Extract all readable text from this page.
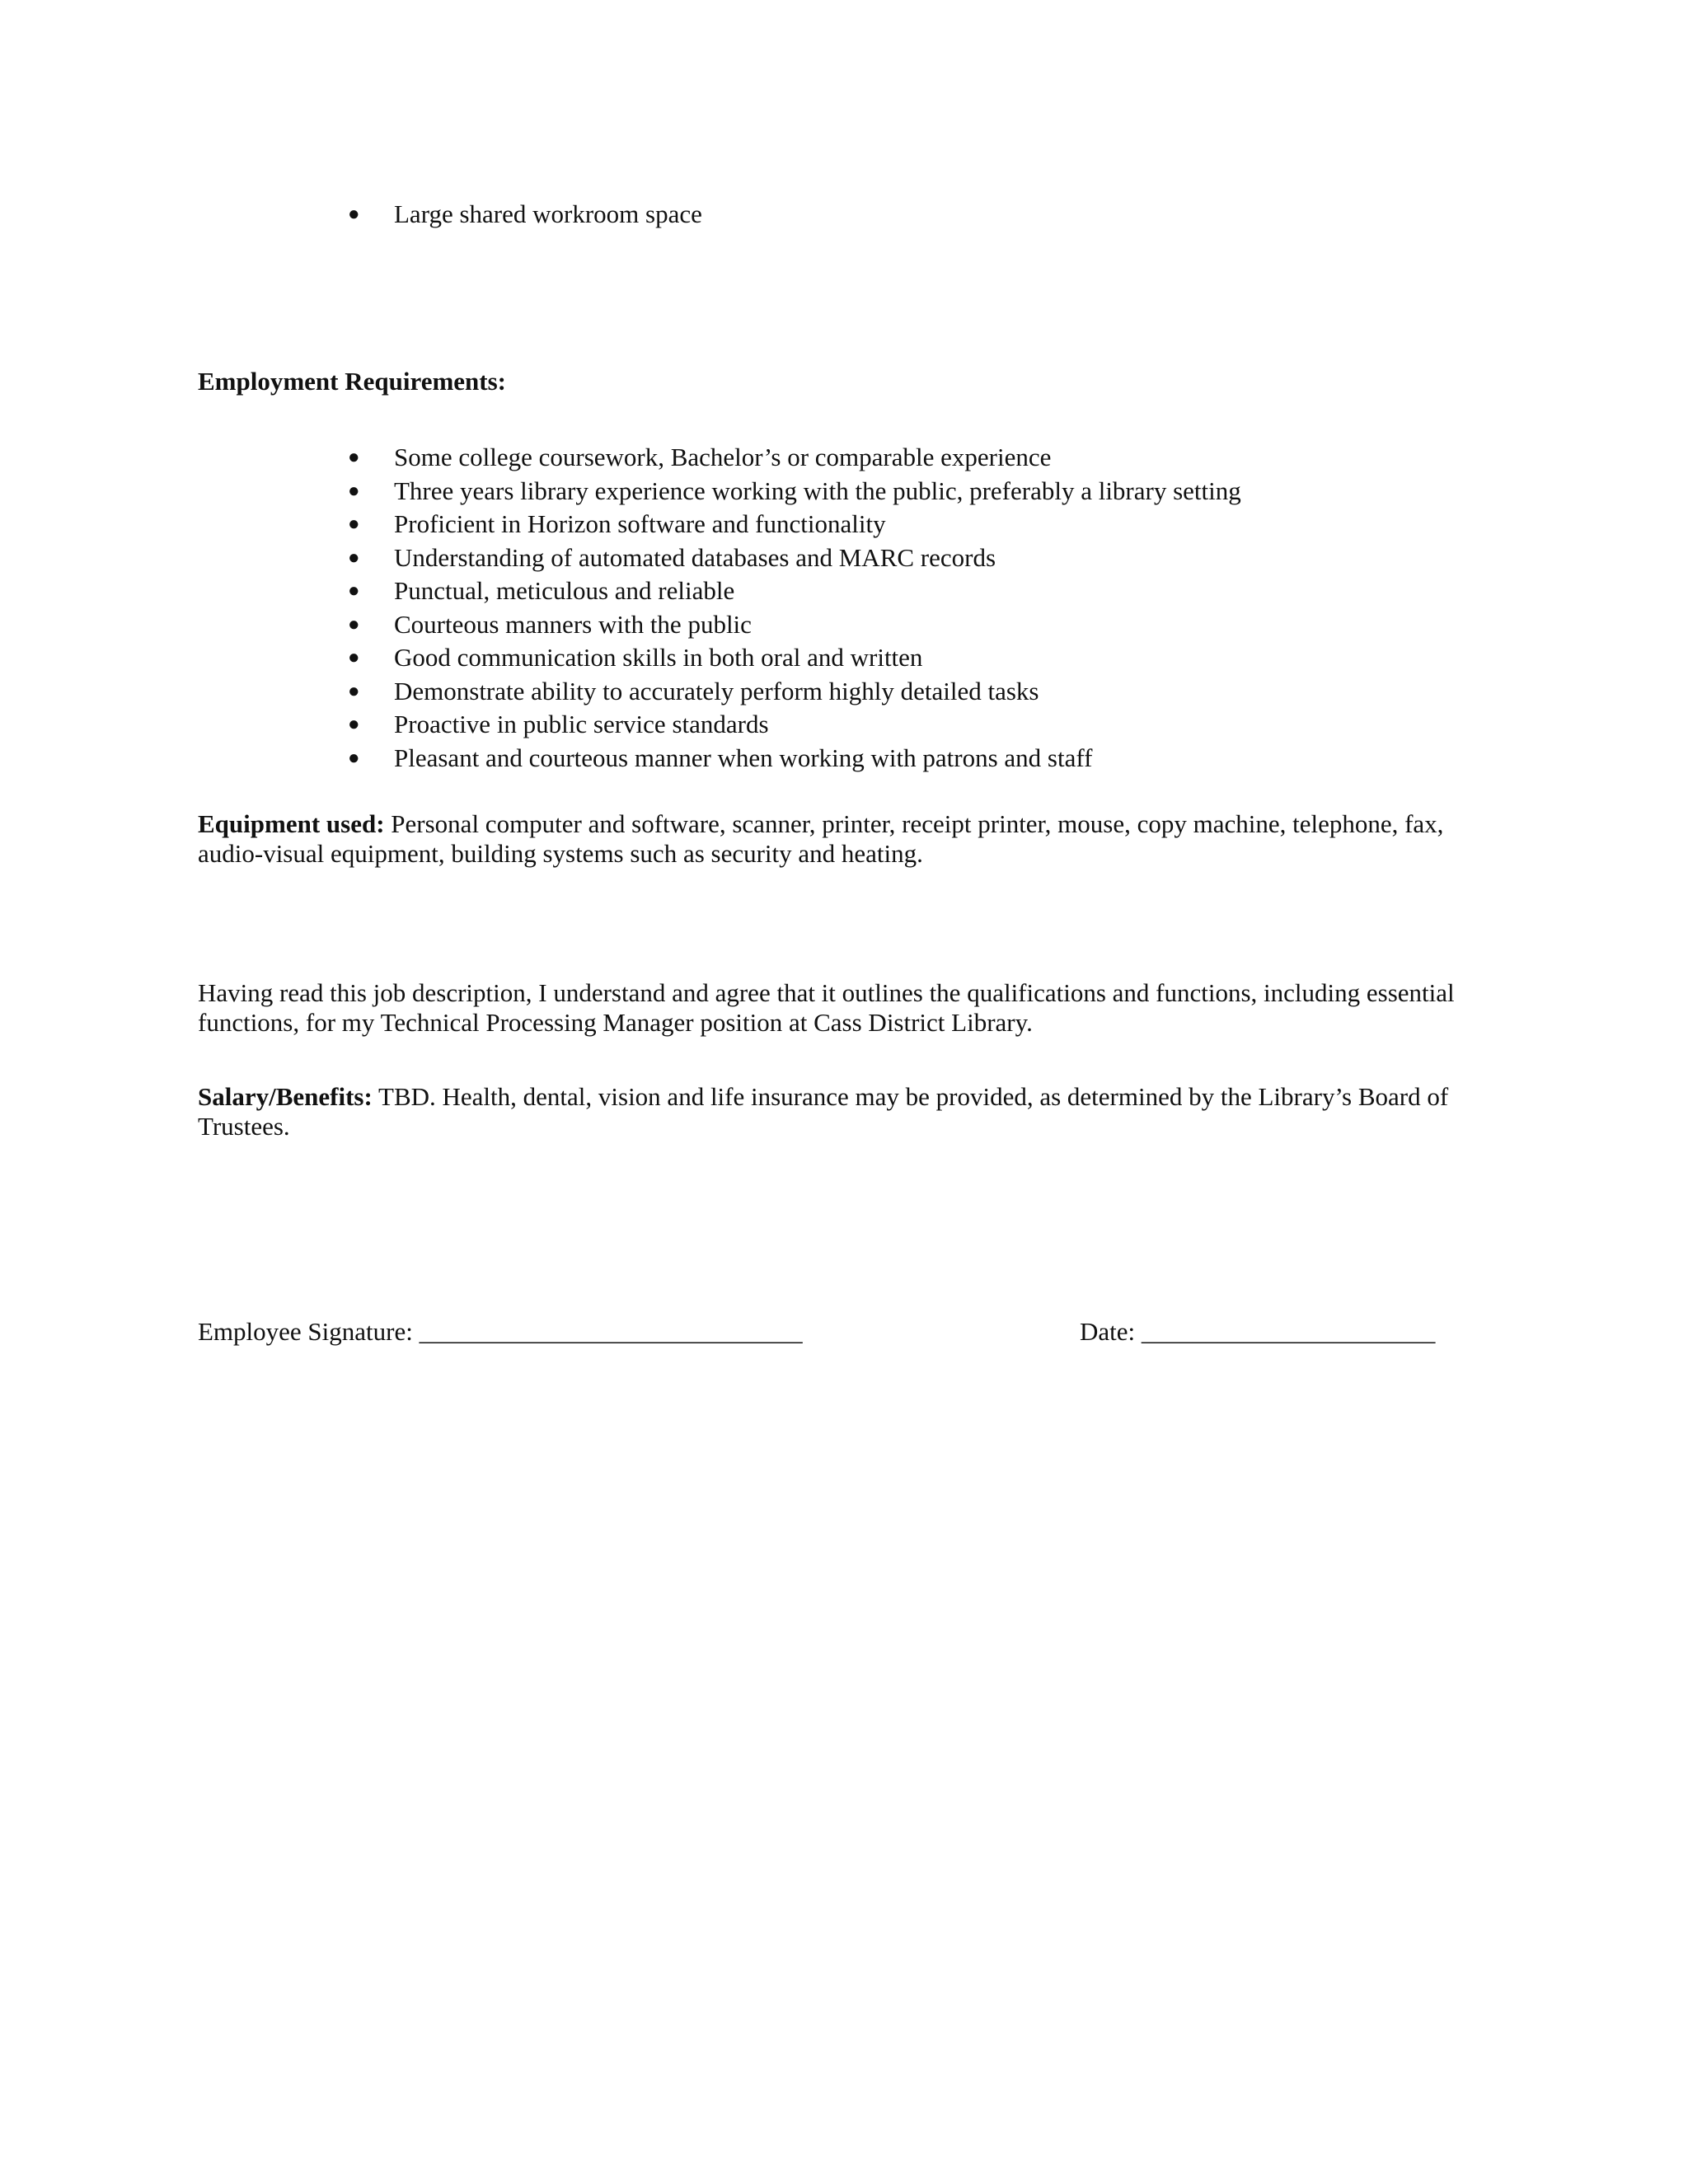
● Large shared workroom space
Employment Requirements:
● Some college coursework, Bachelor’s or comparable experience
● Three years library experience working with the public, preferably a library setting
● Proficient in Horizon software and functionality
● Understanding of automated databases and MARC records
● Punctual, meticulous and reliable
● Courteous manners with the public
● Good communication skills in both oral and written
● Demonstrate ability to accurately perform highly detailed tasks
● Proactive in public service standards
● Pleasant and courteous manner when working with patrons and staff

Equipment used: Personal computer and software, scanner, printer, receipt printer, mouse, copy machine, telephone, fax, audio-visual equipment, building systems such as security and heating.

Having read this job description, I understand and agree that it outlines the qualifications and functions, including essential functions, for my Technical Processing Manager position at Cass District Library.

Salary/Benefits: TBD. Health, dental, vision and life insurance may be provided, as determined by the Library’s Board of Trustees.

Employee Signature: ______________________________	Date: _______________________
